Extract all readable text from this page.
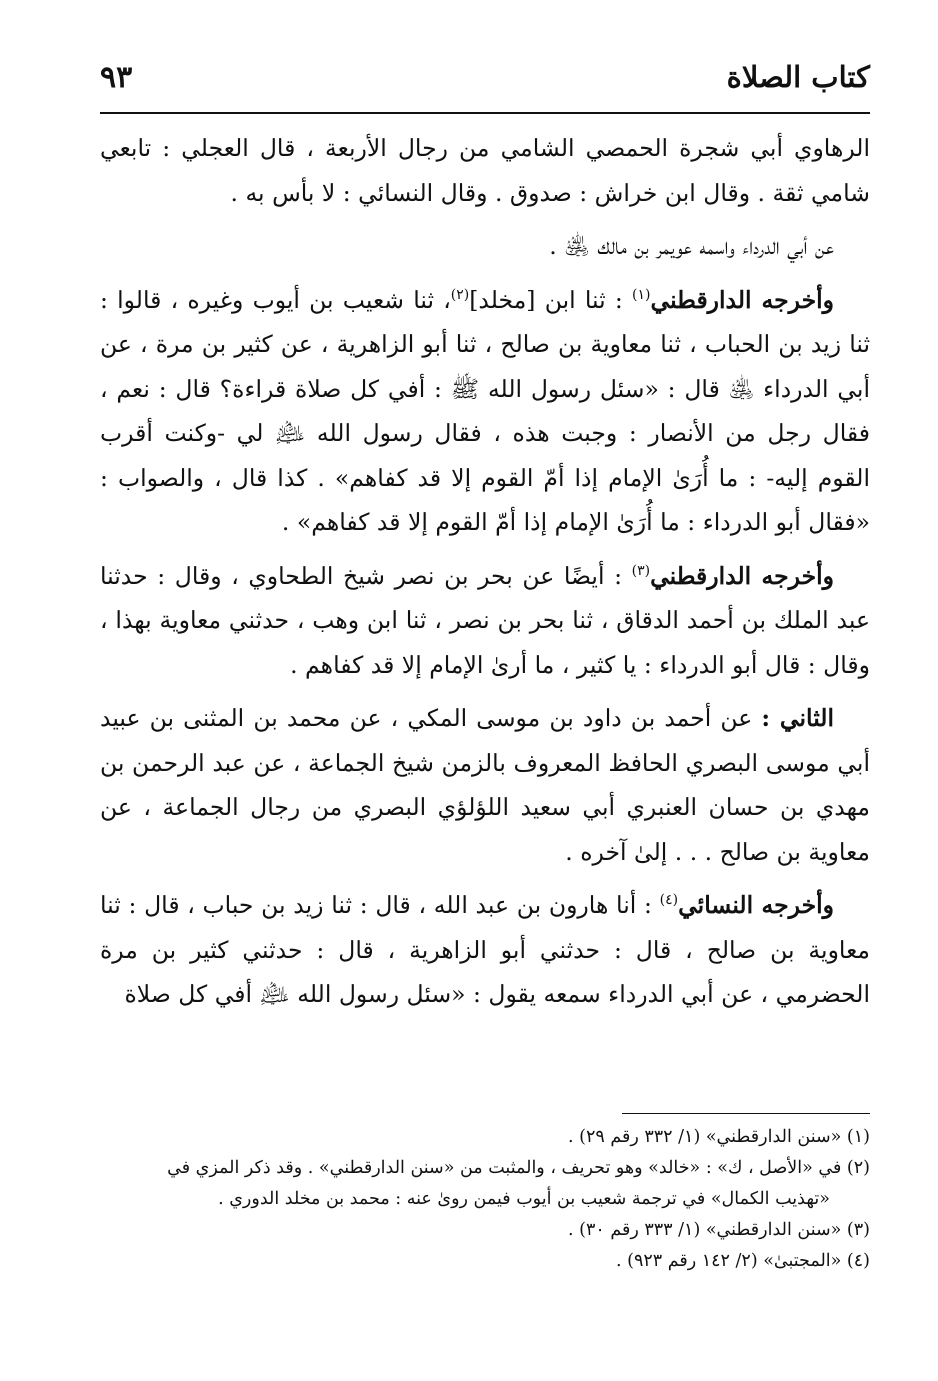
كتاب الصلاة
٩٣

الرهاوي أبي شجرة الحمصي الشامي من رجال الأربعة ، قال العجلي : تابعي شامي ثقة . وقال ابن خراش : صدوق . وقال النسائي : لا بأس به .

عن أبي الدرداء واسمه عويمر بن مالك ﵁ .

وأخرجه الدارقطني$^{(١)}$ : ثنا ابن [مخلد]$^{(٢)}$، ثنا شعيب بن أيوب وغيره ، قالوا : ثنا زيد بن الحباب ، ثنا معاوية بن صالح ، ثنا أبو الزاهرية ، عن كثير بن مرة ، عن أبي الدرداء ﵁ قال : «سئل رسول الله ﷺ : أفي كل صلاة قراءة؟ قال : نعم ، فقال رجل من الأنصار : وجبت هذه ، فقال رسول الله ﵇ لي -وكنت أقرب القوم إليه- : ما أُرَىٰ الإمام إذا أمّ القوم إلا قد كفاهم» . كذا قال ، والصواب : «فقال أبو الدرداء : ما أُرَىٰ الإمام إذا أمّ القوم إلا قد كفاهم» .

وأخرجه الدارقطني$^{(٣)}$ : أيضًا عن بحر بن نصر شيخ الطحاوي ، وقال : حدثنا عبد الملك بن أحمد الدقاق ، ثنا بحر بن نصر ، ثنا ابن وهب ، حدثني معاوية بهذا ، وقال : قال أبو الدرداء : يا كثير ، ما أرىٰ الإمام إلا قد كفاهم .

الثاني : عن أحمد بن داود بن موسى المكي ، عن محمد بن المثنى بن عبيد أبي موسى البصري الحافظ المعروف بالزمن شيخ الجماعة ، عن عبد الرحمن بن مهدي بن حسان العنبري أبي سعيد اللؤلؤي البصري من رجال الجماعة ، عن معاوية بن صالح . . . إلىٰ آخره .

وأخرجه النسائي$^{(٤)}$ : أنا هارون بن عبد الله ، قال : ثنا زيد بن حباب ، قال : ثنا معاوية بن صالح ، قال : حدثني أبو الزاهرية ، قال : حدثني كثير بن مرة الحضرمي ، عن أبي الدرداء سمعه يقول : «سئل رسول الله ﵇ أفي كل صلاة

(١) «سنن الدارقطني» (١/ ٣٣٢ رقم ٢٩) .

(٢) في «الأصل ، ك» : «خالد» وهو تحريف ، والمثبت من «سنن الدارقطني» . وقد ذكر المزي في

«تهذيب الكمال» في ترجمة شعيب بن أيوب فيمن روىٰ عنه : محمد بن مخلد الدوري .

(٣) «سنن الدارقطني» (١/ ٣٣٣ رقم ٣٠) .

(٤) «المجتبىٰ» (٢/ ١٤٢ رقم ٩٢٣) .
